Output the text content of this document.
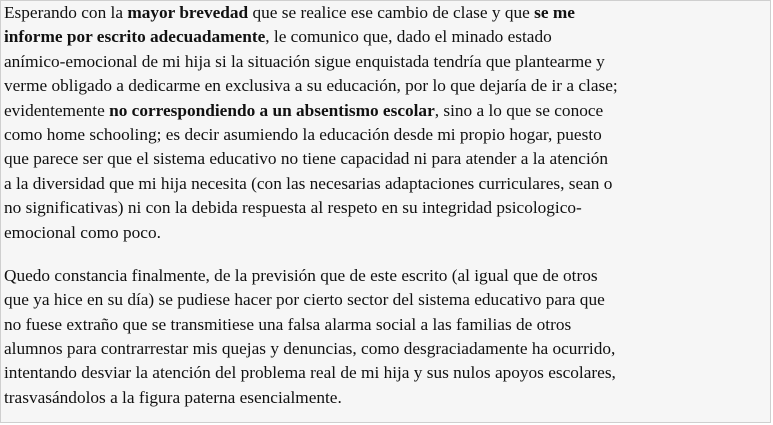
Esperando con la mayor brevedad que se realice ese cambio de clase y que se me
informe por escrito adecuadamente, le comunico que, dado el minado estado
anímico-emocional de mi hija si la situación sigue enquistada tendría que plantearme y
verme obligado a dedicarme en exclusiva a su educación, por lo que dejaría de ir a clase;
evidentemente no correspondiendo a un absentismo escolar, sino a lo que se conoce
como home schooling; es decir asumiendo la educación desde mi propio hogar, puesto
que parece ser que el sistema educativo no tiene capacidad ni para atender a la atención
a la diversidad que mi hija necesita (con las necesarias adaptaciones curriculares, sean o
no significativas) ni con la debida respuesta al respeto en su integridad psicologico-
emocional como poco.
Quedo constancia finalmente, de la previsión que de este escrito (al igual que de otros
que ya hice en su día) se pudiese hacer por cierto sector del sistema educativo para que
no fuese extraño que se transmitiese una falsa alarma social a las familias de otros
alumnos para contrarrestar mis quejas y denuncias, como desgraciadamente ha ocurrido,
intentando desviar la atención del problema real de mi hija y sus nulos apoyos escolares,
trasvasándolos a la figura paterna esencialmente.
